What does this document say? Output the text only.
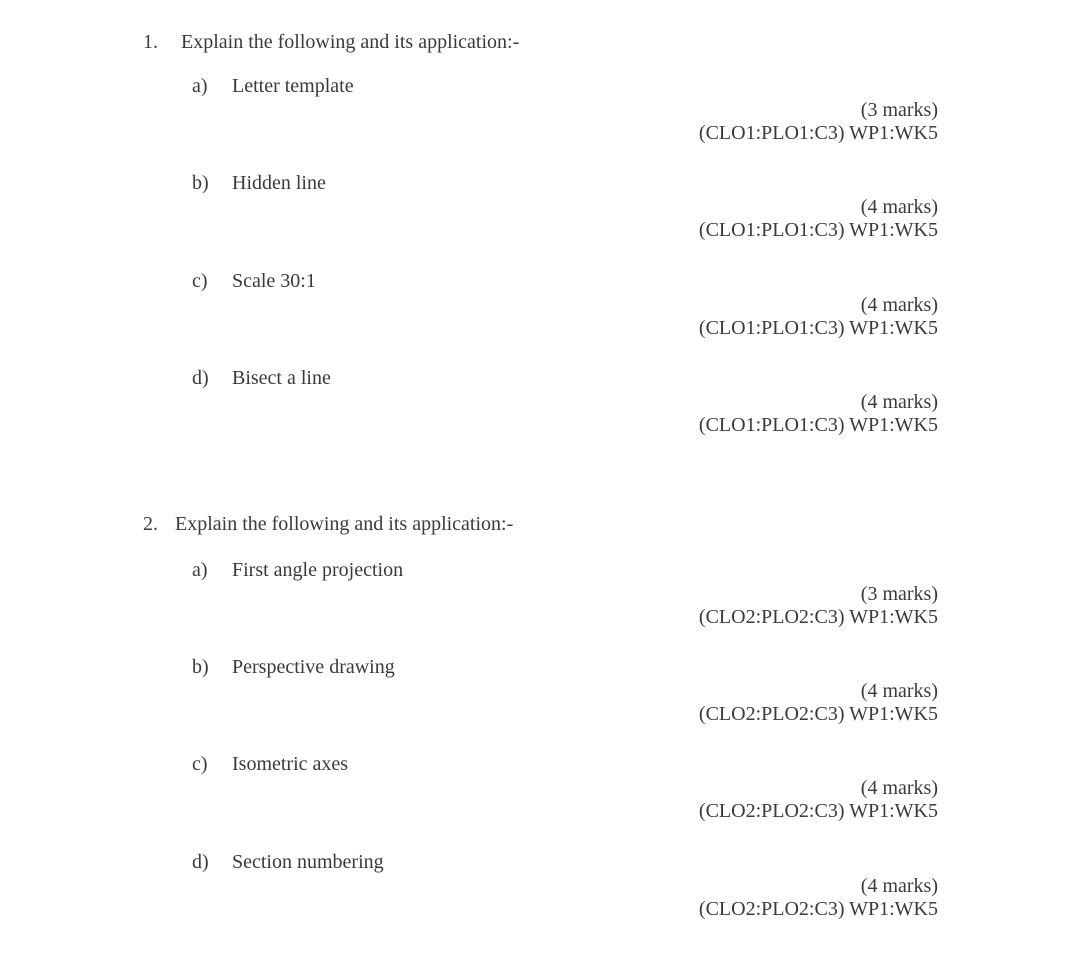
1. Explain the following and its application:-
a) Letter template
(3 marks)
(CLO1:PLO1:C3) WP1:WK5
b) Hidden line
(4 marks)
(CLO1:PLO1:C3) WP1:WK5
c) Scale 30:1
(4 marks)
(CLO1:PLO1:C3) WP1:WK5
d) Bisect a line
(4 marks)
(CLO1:PLO1:C3) WP1:WK5
2. Explain the following and its application:-
a) First angle projection
(3 marks)
(CLO2:PLO2:C3) WP1:WK5
b) Perspective drawing
(4 marks)
(CLO2:PLO2:C3) WP1:WK5
c) Isometric axes
(4 marks)
(CLO2:PLO2:C3) WP1:WK5
d) Section numbering
(4 marks)
(CLO2:PLO2:C3) WP1:WK5
